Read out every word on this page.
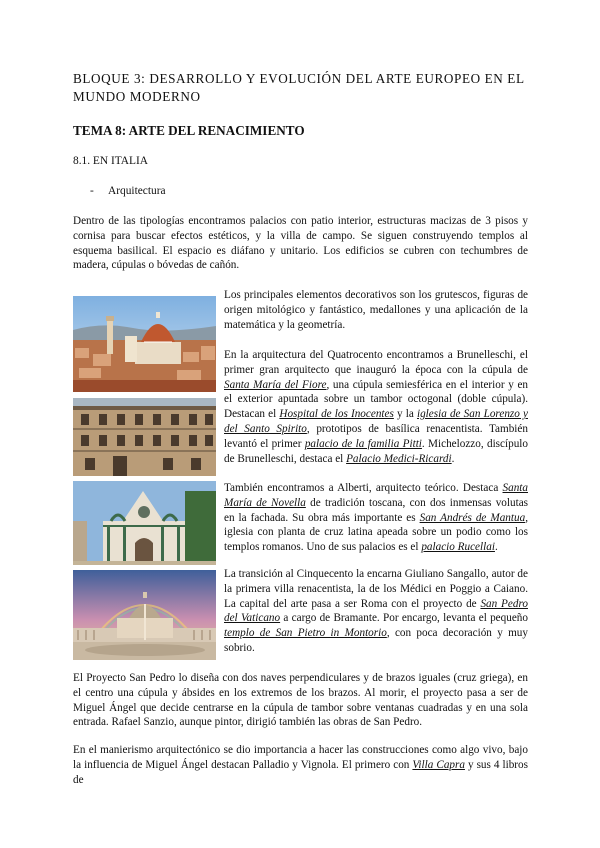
BLOQUE 3: DESARROLLO Y EVOLUCIÓN DEL ARTE EUROPEO EN EL MUNDO MODERNO
TEMA 8: ARTE DEL RENACIMIENTO
8.1. EN ITALIA
- Arquitectura

Dentro de las tipologías encontramos palacios con patio interior, estructuras macizas de 3 pisos y cornisa para buscar efectos estéticos, y la villa de campo. Se siguen construyendo templos al esquema basilical. El espacio es diáfano y unitario. Los edificios se cubren con techumbres de madera, cúpulas o bóvedas de cañón.

Los principales elementos decorativos son los grutescos, figuras de origen mitológico y fantástico, medallones y una aplicación de la matemática y la geometría.

En la arquitectura del Quatrocento encontramos a Brunelleschi, el primer gran arquitecto que inauguró la época con la cúpula de Santa María del Fiore, una cúpula semiesférica en el interior y en el exterior apuntada sobre un tambor octogonal (doble cúpula). Destacan el Hospital de los Inocentes y la iglesia de San Lorenzo y del Santo Spirito, prototipos de basílica renacentista. También levantó el primer palacio de la familia Pitti. Michelozzo, discípulo de Brunelleschi, destaca el Palacio Medici-Ricardi.

También encontramos a Alberti, arquitecto teórico. Destaca Santa María de Novella de tradición toscana, con dos inmensas volutas en la fachada. Su obra más importante es San Andrés de Mantua, iglesia con planta de cruz latina apeada sobre un podio como los templos romanos. Uno de sus palacios es el palacio Rucellai.

La transición al Cinquecento la encarna Giuliano Sangallo, autor de la primera villa renacentista, la de los Médici en Poggio a Caiano. La capital del arte pasa a ser Roma con el proyecto de San Pedro del Vaticano a cargo de Bramante. Por encargo, levanta el pequeño templo de San Pietro in Montorio, con poca decoración y muy sobrio.

El Proyecto San Pedro lo diseña con dos naves perpendiculares y de brazos iguales (cruz griega), en el centro una cúpula y ábsides en los extremos de los brazos. Al morir, el proyecto pasa a ser de Miguel Ángel que decide centrarse en la cúpula de tambor sobre ventanas cuadradas y en una sola entrada. Rafael Sanzio, aunque pintor, dirigió también las obras de San Pedro.

En el manierismo arquitectónico se dio importancia a hacer las construcciones como algo vivo, bajo la influencia de Miguel Ángel destacan Palladio y Vignola. El primero con Villa Capra y sus 4 libros de
